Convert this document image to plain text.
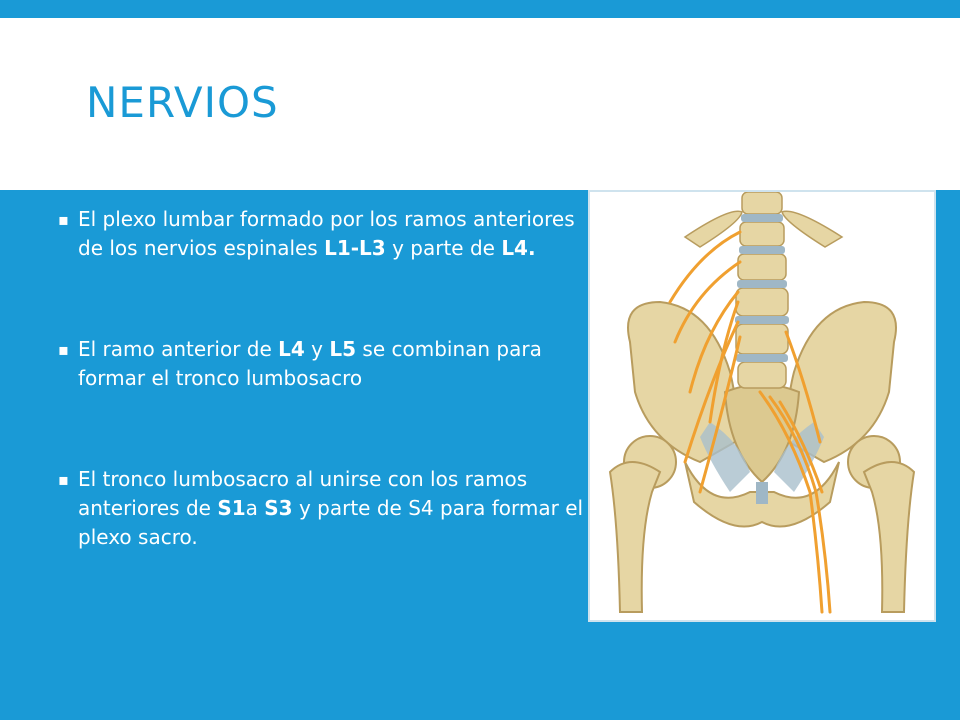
NERVIOS
▪ El plexo lumbar formado por los ramos anteriores de los nervios espinales L1-L3 y parte de L4.
▪ El ramo anterior de L4 y L5 se combinan para formar el tronco lumbosacro
▪ El tronco lumbosacro al unirse con los ramos anteriores de S1a S3 y parte de S4 para formar el plexo sacro.
